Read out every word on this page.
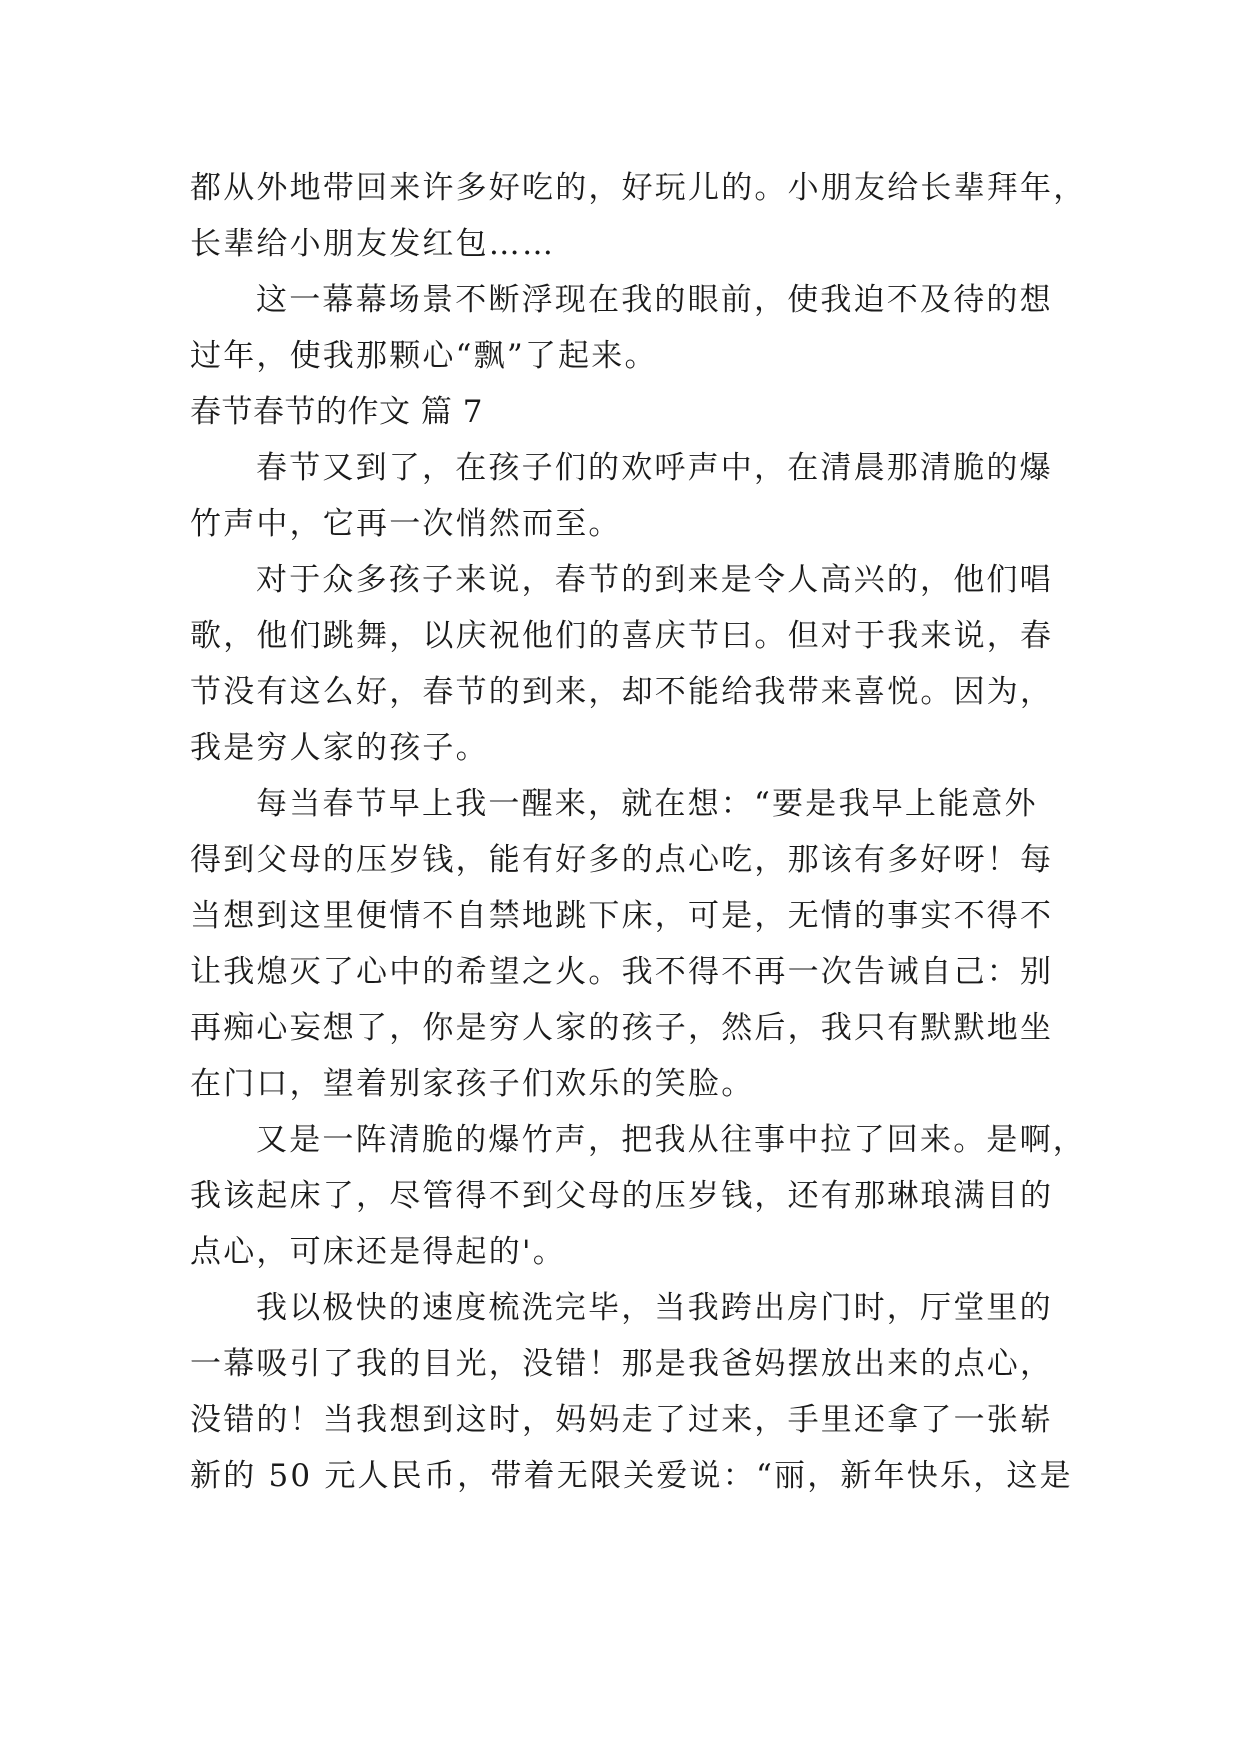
都从外地带回来许多好吃的，好玩儿的。小朋友给长辈拜年，
长辈给小朋友发红包……
这一幕幕场景不断浮现在我的眼前，使我迫不及待的想
过年，使我那颗心“飘”了起来。
春节春节的作文 篇 7
春节又到了，在孩子们的欢呼声中，在清晨那清脆的爆
竹声中，它再一次悄然而至。
对于众多孩子来说，春节的到来是令人高兴的，他们唱
歌，他们跳舞，以庆祝他们的喜庆节曰。但对于我来说，春
节没有这么好，春节的到来，却不能给我带来喜悦。因为，
我是穷人家的孩子。
每当春节早上我一醒来，就在想：“要是我早上能意外
得到父母的压岁钱，能有好多的点心吃，那该有多好呀！每
当想到这里便情不自禁地跳下床，可是，无情的事实不得不
让我熄灭了心中的希望之火。我不得不再一次告诫自己：别
再痴心妄想了，你是穷人家的孩子，然后，我只有默默地坐
在门口，望着别家孩子们欢乐的笑脸。
又是一阵清脆的爆竹声，把我从往事中拉了回来。是啊，
我该起床了，尽管得不到父母的压岁钱，还有那琳琅满目的
点心，可床还是得起的'。
我以极快的速度梳洗完毕，当我跨出房门时，厅堂里的
一幕吸引了我的目光，没错！那是我爸妈摆放出来的点心，
没错的！当我想到这时，妈妈走了过来，手里还拿了一张崭
新的 50 元人民币，带着无限关爱说：“丽，新年快乐，这是
